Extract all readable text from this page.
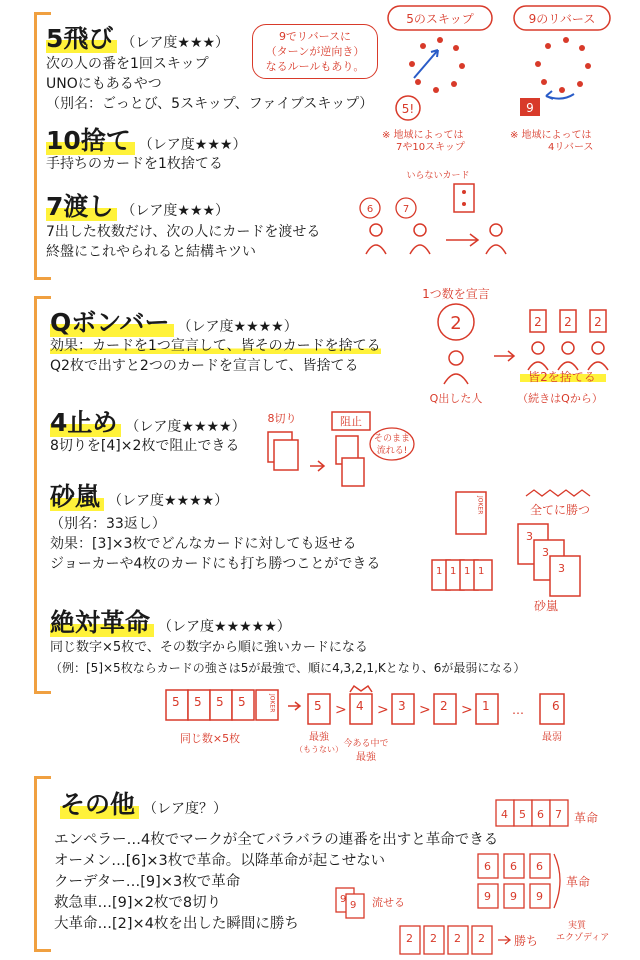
5飛び （レア度★★★）
次の人の番を1回スキップ
UNOにもあるやつ
（別名：ごっとび、5スキップ、ファイブスキップ）
9でリバースに
（ターンが逆向き）
なるルールもあり。
5のスキップ	9のリバース
5!
※ 地域によっては
7や10スキップ
9
※ 地域によっては
4リバース
10捨て （レア度★★★）
手持ちのカードを1枚捨てる
7渡し （レア度★★★）
7出した枚数だけ、次の人にカードを渡せる
終盤にこれやられると結構キツい
いらないカード
6	7
Qボンバー （レア度★★★★）
効果：カードを1つ宣言して、皆そのカードを捨てる
Q2枚で出すと2つのカードを宣言して、皆捨てる
1つ数を宣言
2	2 2 2
Q出した人
皆2を捨てる
（続きはQから）
4止め （レア度★★★★）
8切りを[4]×2枚で阻止できる
8切り	阻止
そのまま
流れる!
砂嵐 （レア度★★★★）
（別名：33返し）
効果：[3]×3枚でどんなカードに対しても返せる
ジョーカーや4枚のカードにも打ち勝つことができる
JOKER	全てに勝つ
3
3
3
1 1 1 1
砂嵐
絶対革命 （レア度★★★★★）
同じ数字×5枚で、その数字から順に強いカードになる
（例：[5]×5枚ならカードの強さは5が最強で、順に4,3,2,1,Kとなり、6が最弱になる）
5 5 5 5	JOKER
同じ数×5枚
5	4	3	2	1 … 6
> > > >
最強
（もうない）
今ある中で
最強
最弱
その他 （レア度？）
エンペラー…4枚でマークが全てバラバラの連番を出すと革命できる
オーメン…[6]×3枚で革命。以降革命が起こせない
クーデター…[9]×3枚で革命
救急車…[9]×2枚で8切り
大革命…[2]×4枚を出した瞬間に勝ち
4 5 6 7 革命
6 6 6
9 9 9
革命
9
9 流せる
2 2 2 2 勝ち
実質
エクゾディア
